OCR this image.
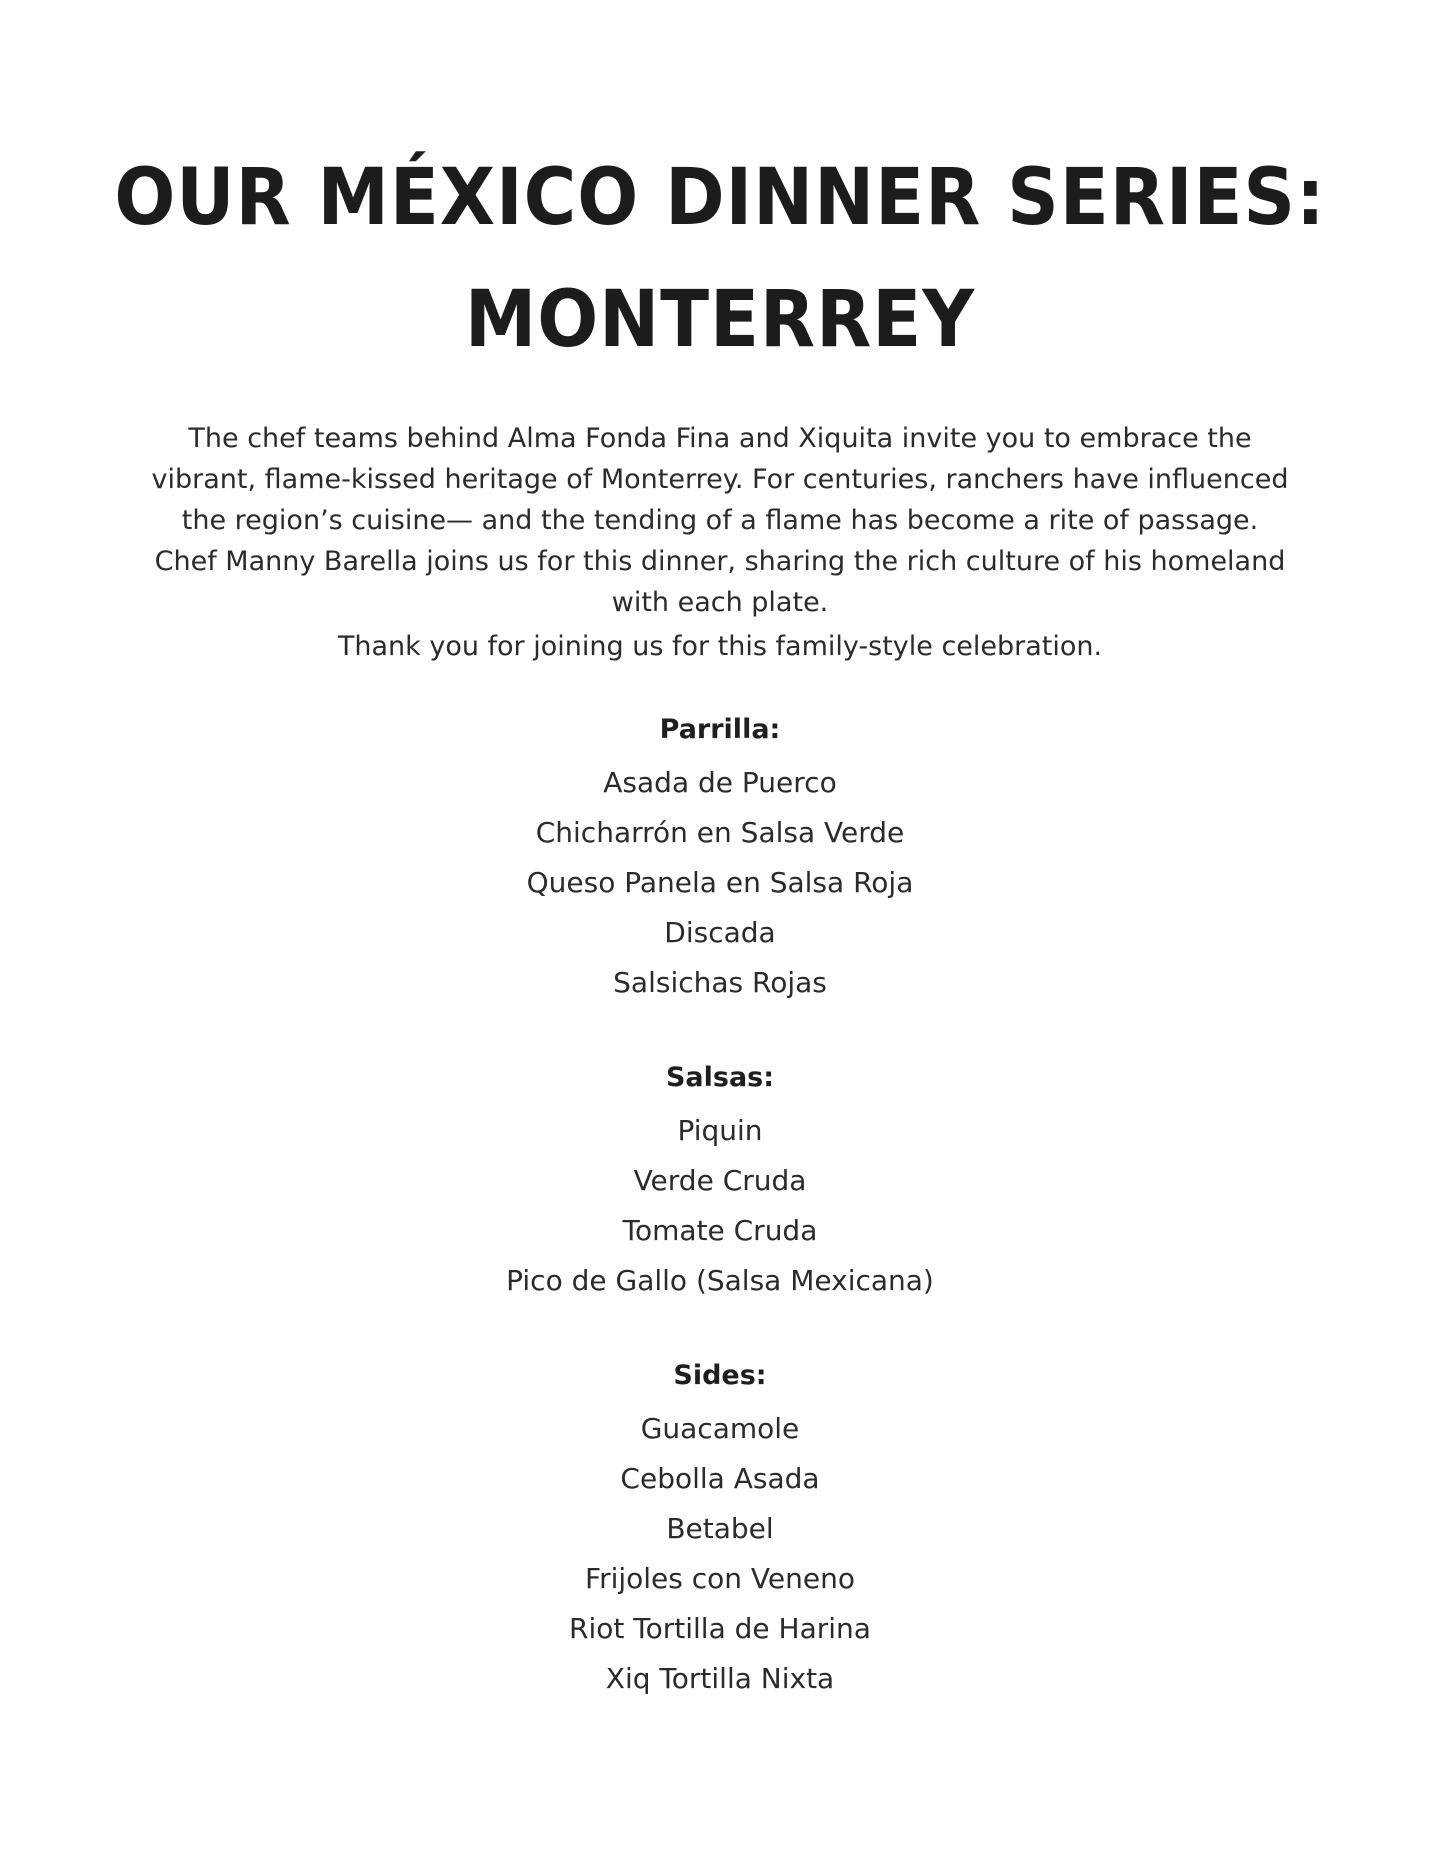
OUR MÉXICO DINNER SERIES:
MONTERREY

The chef teams behind Alma Fonda Fina and Xiquita invite you to embrace the vibrant, flame-kissed heritage of Monterrey. For centuries, ranchers have influenced the region’s cuisine— and the tending of a flame has become a rite of passage. Chef Manny Barella joins us for this dinner, sharing the rich culture of his homeland with each plate.

Thank you for joining us for this family-style celebration.

Parrilla:
Asada de Puerco
Chicharrón en Salsa Verde
Queso Panela en Salsa Roja
Discada
Salsichas Rojas
Salsas:
Piquin
Verde Cruda
Tomate Cruda
Pico de Gallo (Salsa Mexicana)
Sides:
Guacamole
Cebolla Asada
Betabel
Frijoles con Veneno
Riot Tortilla de Harina
Xiq Tortilla Nixta
